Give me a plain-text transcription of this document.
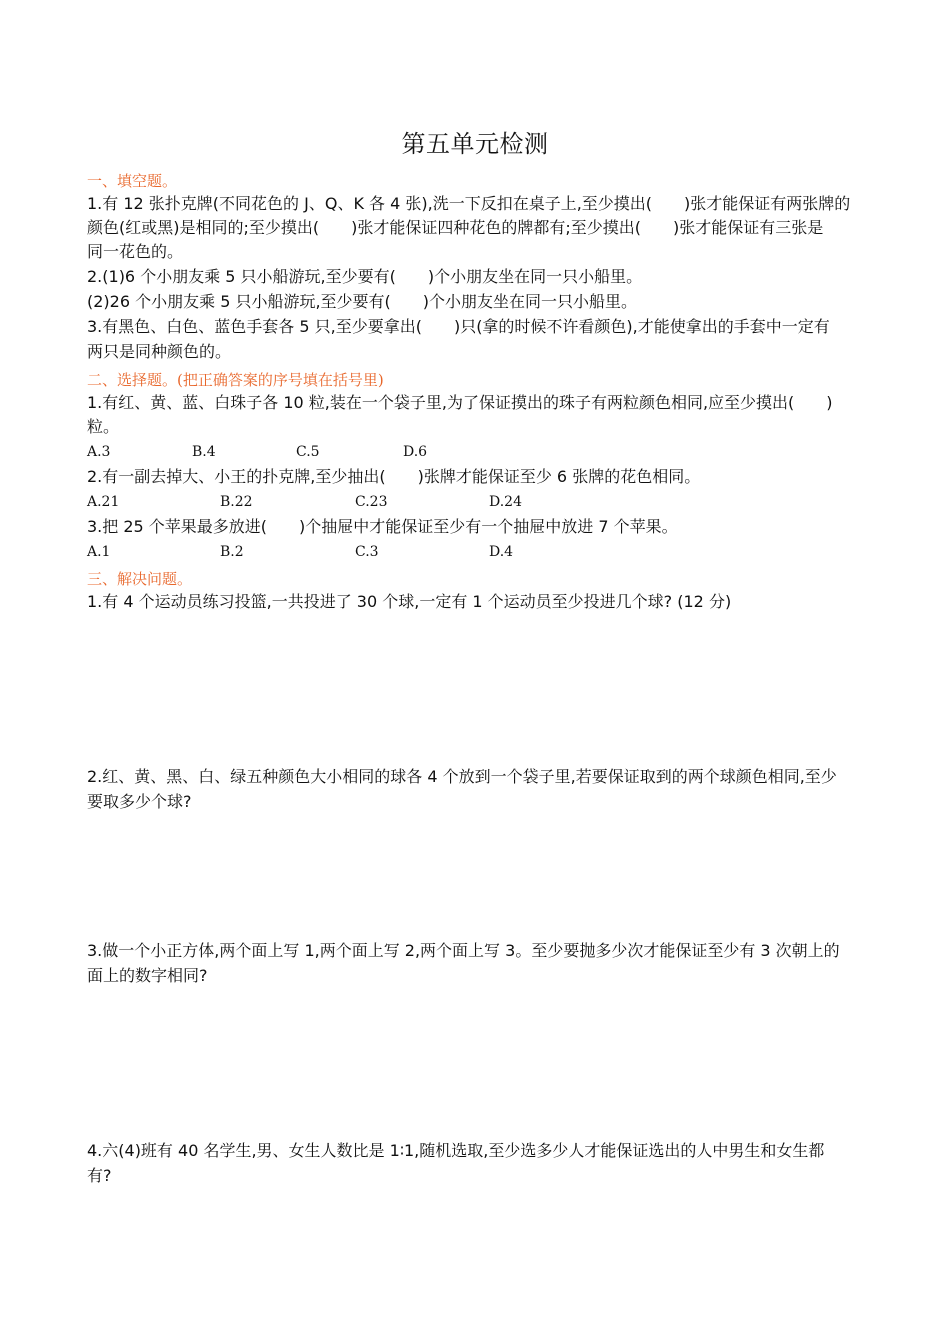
第五单元检测
一、填空题。
1.有 12 张扑克牌(不同花色的 J、Q、K 各 4 张),洗一下反扣在桌子上,至少摸出(　　)张才能保证有两张牌的
颜色(红或黑)是相同的;至少摸出(　　)张才能保证四种花色的牌都有;至少摸出(　　)张才能保证有三张是
同一花色的。
2.(1)6 个小朋友乘 5 只小船游玩,至少要有(　　)个小朋友坐在同一只小船里。
(2)26 个小朋友乘 5 只小船游玩,至少要有(　　)个小朋友坐在同一只小船里。
3.有黑色、白色、蓝色手套各 5 只,至少要拿出(　　)只(拿的时候不许看颜色),才能使拿出的手套中一定有
两只是同种颜色的。
二、选择题。(把正确答案的序号填在括号里)
1.有红、黄、蓝、白珠子各 10 粒,装在一个袋子里,为了保证摸出的珠子有两粒颜色相同,应至少摸出(　　)
粒。
A.3	B.4	C.5	D.6
2.有一副去掉大、小王的扑克牌,至少抽出(　　)张牌才能保证至少 6 张牌的花色相同。
A.21	B.22	C.23	D.24
3.把 25 个苹果最多放进(　　)个抽屉中才能保证至少有一个抽屉中放进 7 个苹果。
A.1	B.2	C.3	D.4
三、解决问题。
1.有 4 个运动员练习投篮,一共投进了 30 个球,一定有 1 个运动员至少投进几个球? (12 分)
2.红、黄、黑、白、绿五种颜色大小相同的球各 4 个放到一个袋子里,若要保证取到的两个球颜色相同,至少
要取多少个球?
3.做一个小正方体,两个面上写 1,两个面上写 2,两个面上写 3。至少要抛多少次才能保证至少有 3 次朝上的
面上的数字相同?
4.六(4)班有 40 名学生,男、女生人数比是 1∶1,随机选取,至少选多少人才能保证选出的人中男生和女生都
有?
